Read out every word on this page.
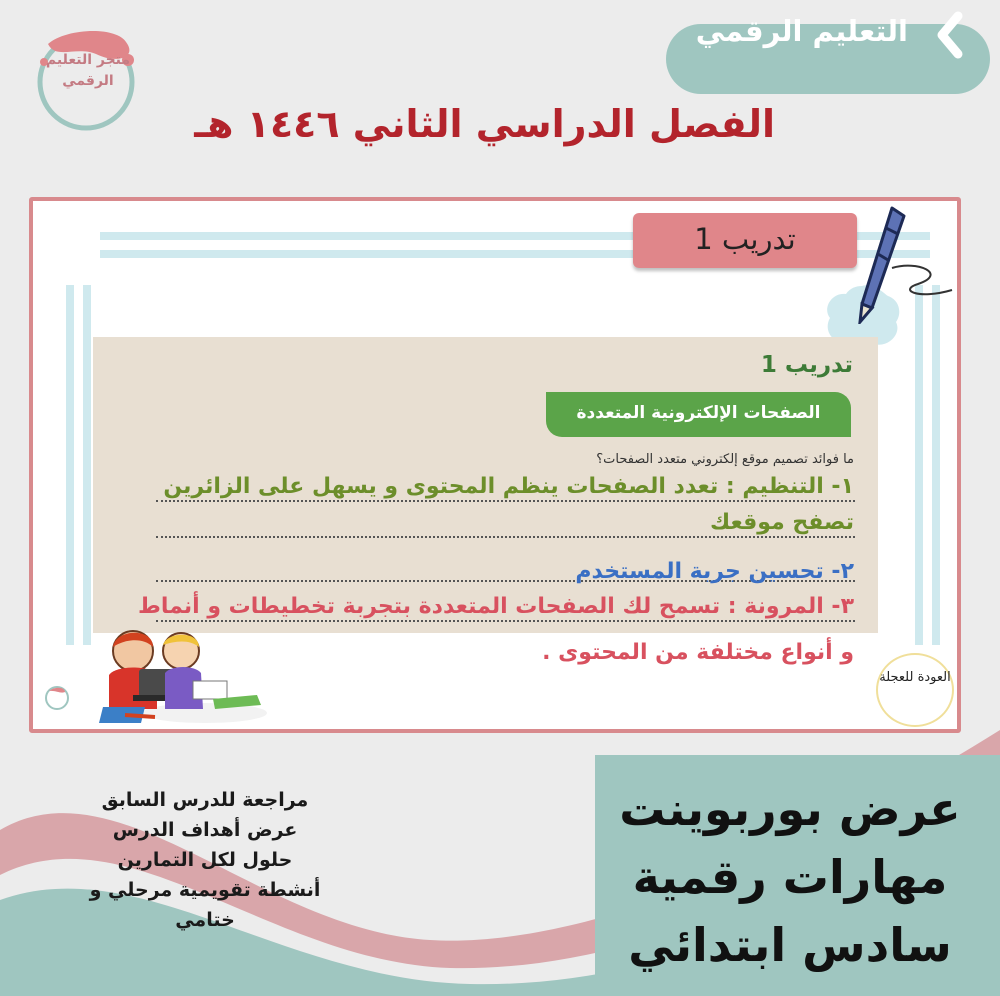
التعليم الرقمي
متجر التعليم الرقمي
الفصل الدراسي الثاني ١٤٤٦ هـ
تدريب 1
تدريب 1
الصفحات الإلكترونية المتعددة
ما فوائد تصميم موقع إلكتروني متعدد الصفحات؟
١- التنظيم : تعدد الصفحات ينظم المحتوى و يسهل على الزائرين
تصفح موقعك
٢- تحسين جربة المستخدم
٣- المرونة : تسمح لك الصفحات المتعددة بتجربة تخطيطات و أنماط
و أنواع مختلفة من المحتوى .
العودة للعجلة
مراجعة للدرس السابق
عرض أهداف الدرس
حلول لكل التمارين
أنشطة تقويمية مرحلي و
ختامي
عرض بوربوينت
مهارات رقمية
سادس ابتدائي
